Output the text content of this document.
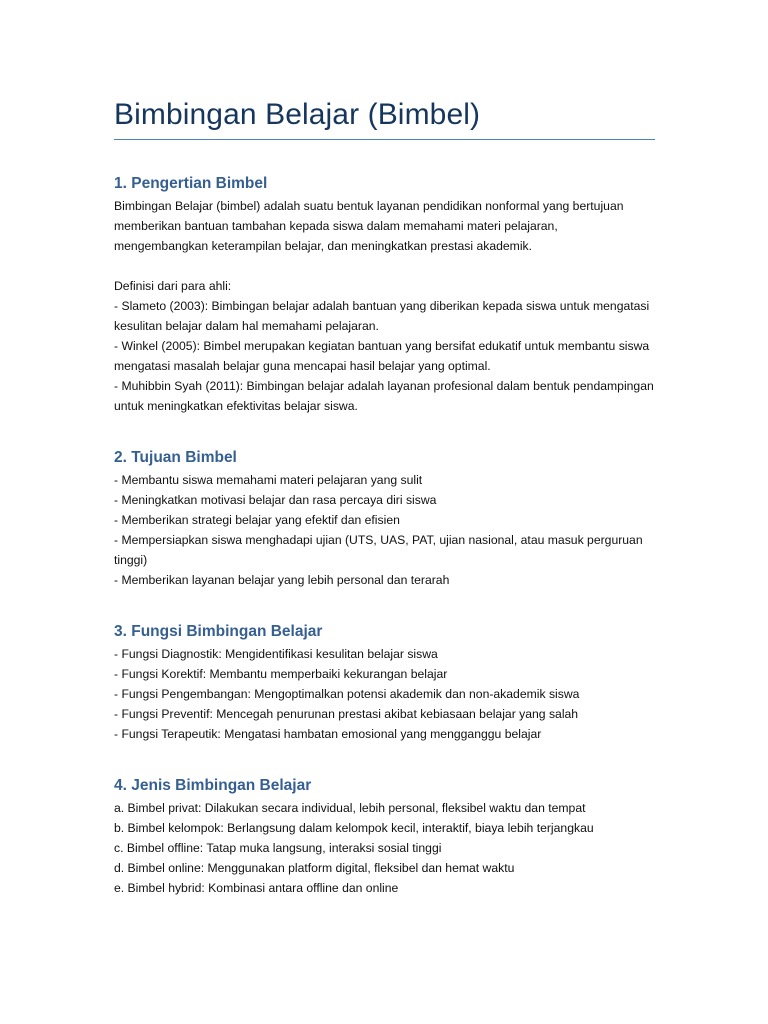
Bimbingan Belajar (Bimbel)
1. Pengertian Bimbel

Bimbingan Belajar (bimbel) adalah suatu bentuk layanan pendidikan nonformal yang bertujuan memberikan bantuan tambahan kepada siswa dalam memahami materi pelajaran, mengembangkan keterampilan belajar, dan meningkatkan prestasi akademik.

Definisi dari para ahli:
- Slameto (2003): Bimbingan belajar adalah bantuan yang diberikan kepada siswa untuk mengatasi kesulitan belajar dalam hal memahami pelajaran.
- Winkel (2005): Bimbel merupakan kegiatan bantuan yang bersifat edukatif untuk membantu siswa mengatasi masalah belajar guna mencapai hasil belajar yang optimal.
- Muhibbin Syah (2011): Bimbingan belajar adalah layanan profesional dalam bentuk pendampingan untuk meningkatkan efektivitas belajar siswa.
2. Tujuan Bimbel
- Membantu siswa memahami materi pelajaran yang sulit
- Meningkatkan motivasi belajar dan rasa percaya diri siswa
- Memberikan strategi belajar yang efektif dan efisien
- Mempersiapkan siswa menghadapi ujian (UTS, UAS, PAT, ujian nasional, atau masuk perguruan tinggi)
- Memberikan layanan belajar yang lebih personal dan terarah
3. Fungsi Bimbingan Belajar
- Fungsi Diagnostik: Mengidentifikasi kesulitan belajar siswa
- Fungsi Korektif: Membantu memperbaiki kekurangan belajar
- Fungsi Pengembangan: Mengoptimalkan potensi akademik dan non-akademik siswa
- Fungsi Preventif: Mencegah penurunan prestasi akibat kebiasaan belajar yang salah
- Fungsi Terapeutik: Mengatasi hambatan emosional yang mengganggu belajar
4. Jenis Bimbingan Belajar
a. Bimbel privat: Dilakukan secara individual, lebih personal, fleksibel waktu dan tempat
b. Bimbel kelompok: Berlangsung dalam kelompok kecil, interaktif, biaya lebih terjangkau
c. Bimbel offline: Tatap muka langsung, interaksi sosial tinggi
d. Bimbel online: Menggunakan platform digital, fleksibel dan hemat waktu
e. Bimbel hybrid: Kombinasi antara offline dan online
